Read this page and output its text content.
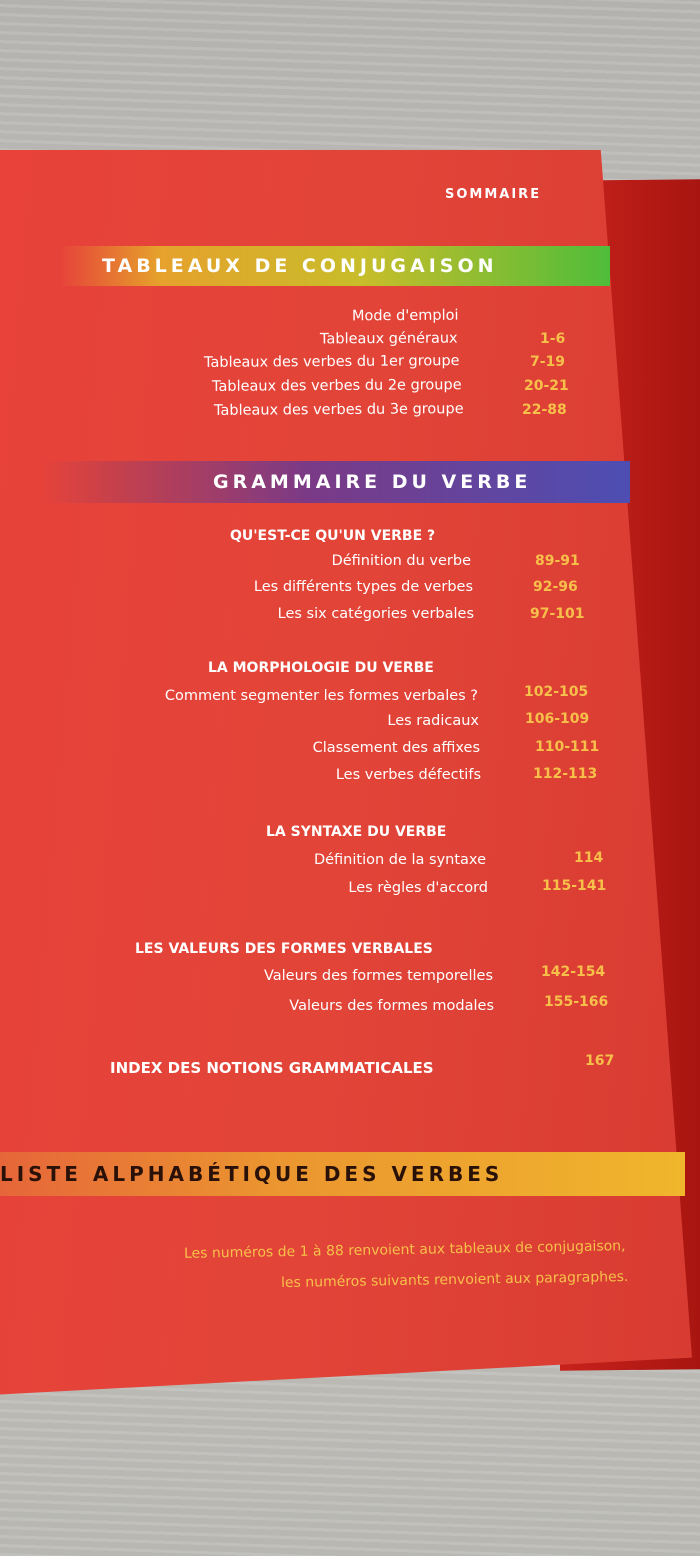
SOMMAIRE
TABLEAUX DE CONJUGAISON
Mode d'emploi
Tableaux généraux	1-6
Tableaux des verbes du 1er groupe	7-19
Tableaux des verbes du 2e groupe	20-21
Tableaux des verbes du 3e groupe	22-88
GRAMMAIRE DU VERBE
QU'EST-CE QU'UN VERBE ?
Définition du verbe	89-91
Les différents types de verbes	92-96
Les six catégories verbales	97-101
LA MORPHOLOGIE DU VERBE
Comment segmenter les formes verbales ?	102-105
Les radicaux	106-109
Classement des affixes	110-111
Les verbes défectifs	112-113
LA SYNTAXE DU VERBE
Définition de la syntaxe	114
Les règles d'accord	115-141
LES VALEURS DES FORMES VERBALES
Valeurs des formes temporelles	142-154
Valeurs des formes modales	155-166
INDEX DES NOTIONS GRAMMATICALES	167
LISTE ALPHABÉTIQUE DES VERBES
Les numéros de 1 à 88 renvoient aux tableaux de conjugaison,
les numéros suivants renvoient aux paragraphes.
